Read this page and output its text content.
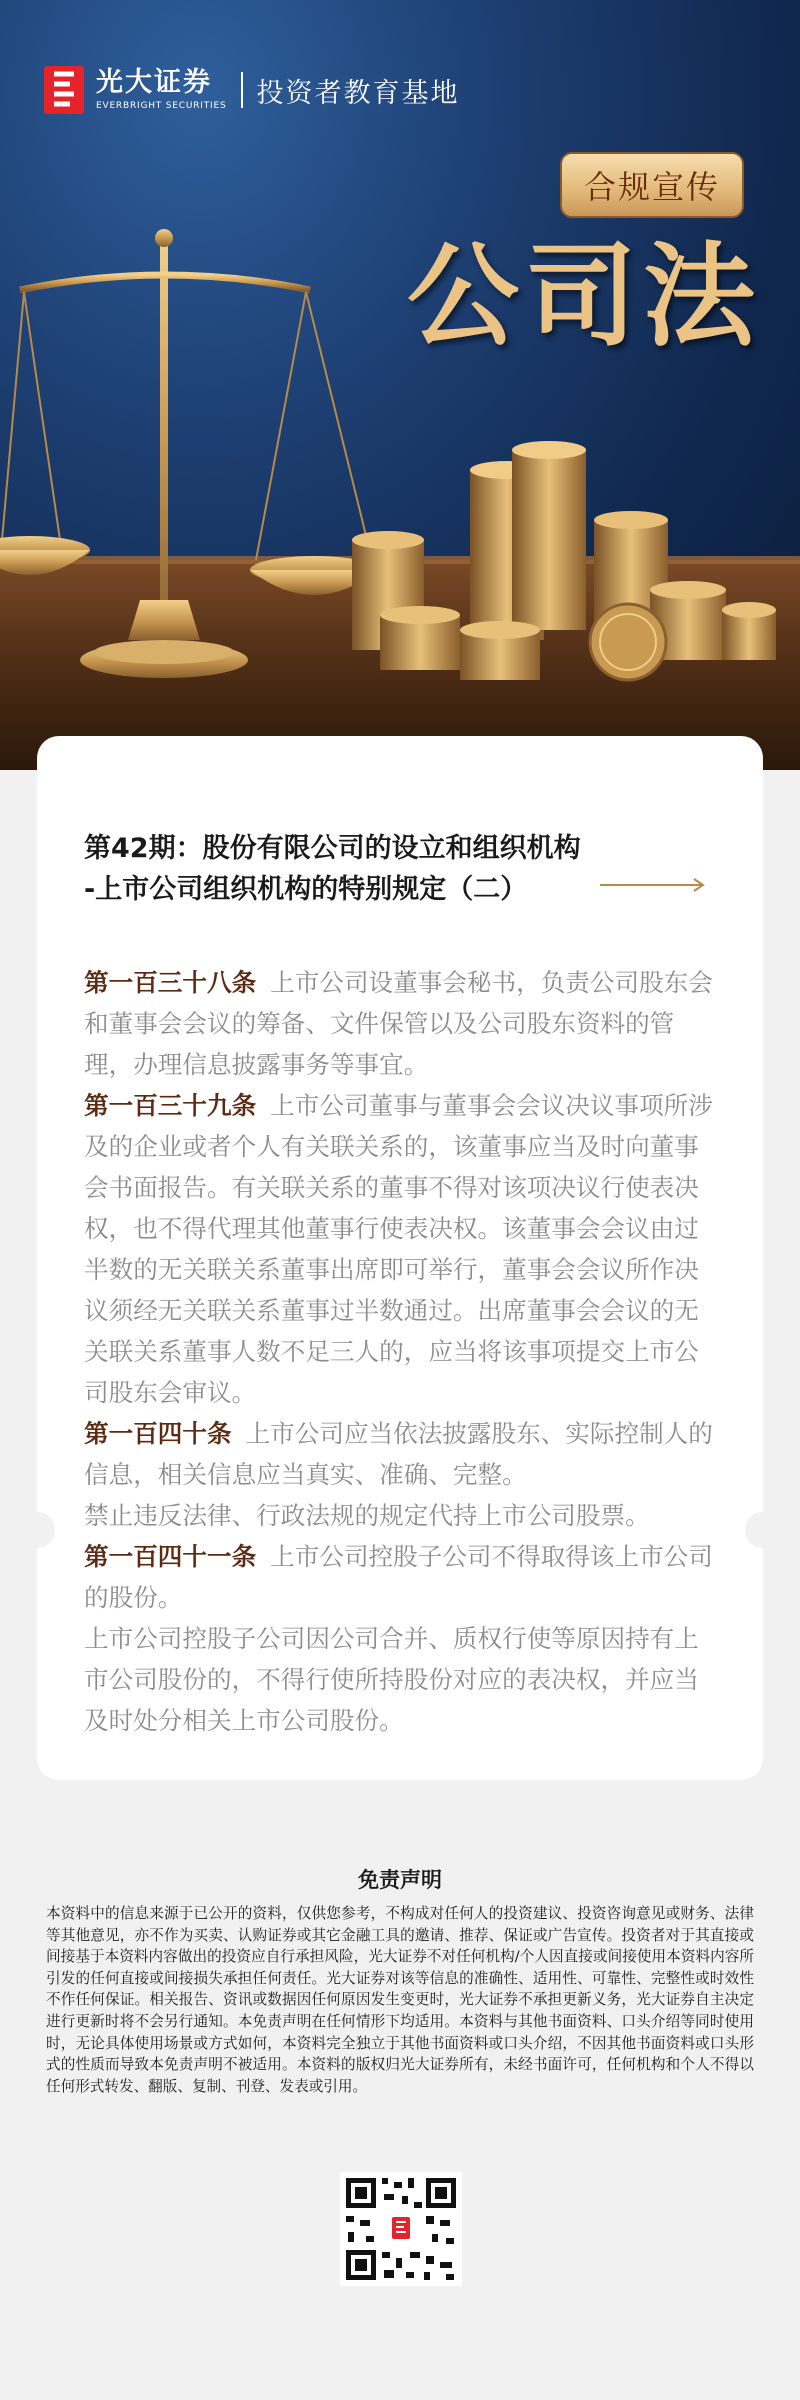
光大证券
EVERBRIGHT SECURITIES 投资者教育基地
合规宣传
公司法
第42期：股份有限公司的设立和组织机构
-上市公司组织机构的特别规定（二）

第一百三十八条 上市公司设董事会秘书，负责公司股东会和董事会会议的筹备、文件保管以及公司股东资料的管理，办理信息披露事务等事宜。

第一百三十九条 上市公司董事与董事会会议决议事项所涉及的企业或者个人有关联关系的，该董事应当及时向董事会书面报告。有关联关系的董事不得对该项决议行使表决权，也不得代理其他董事行使表决权。该董事会会议由过半数的无关联关系董事出席即可举行，董事会会议所作决议须经无关联关系董事过半数通过。出席董事会会议的无关联关系董事人数不足三人的，应当将该事项提交上市公司股东会审议。

第一百四十条 上市公司应当依法披露股东、实际控制人的信息，相关信息应当真实、准确、完整。

禁止违反法律、行政法规的规定代持上市公司股票。

第一百四十一条 上市公司控股子公司不得取得该上市公司的股份。

上市公司控股子公司因公司合并、质权行使等原因持有上市公司股份的，不得行使所持股份对应的表决权，并应当及时处分相关上市公司股份。

免责声明
本资料中的信息来源于已公开的资料，仅供您参考，不构成对任何人的投资建议、投资咨询意见或财务、法律等其他意见，亦不作为买卖、认购证券或其它金融工具的邀请、推荐、保证或广告宣传。投资者对于其直接或间接基于本资料内容做出的投资应自行承担风险，光大证券不对任何机构/个人因直接或间接使用本资料内容所引发的任何直接或间接损失承担任何责任。光大证券对该等信息的准确性、适用性、可靠性、完整性或时效性不作任何保证。相关报告、资讯或数据因任何原因发生变更时，光大证券不承担更新义务，光大证券自主决定进行更新时将不会另行通知。本免责声明在任何情形下均适用。本资料与其他书面资料、口头介绍等同时使用时，无论具体使用场景或方式如何，本资料完全独立于其他书面资料或口头介绍，不因其他书面资料或口头形式的性质而导致本免责声明不被适用。本资料的版权归光大证券所有，未经书面许可，任何机构和个人不得以任何形式转发、翻版、复制、刊登、发表或引用。
